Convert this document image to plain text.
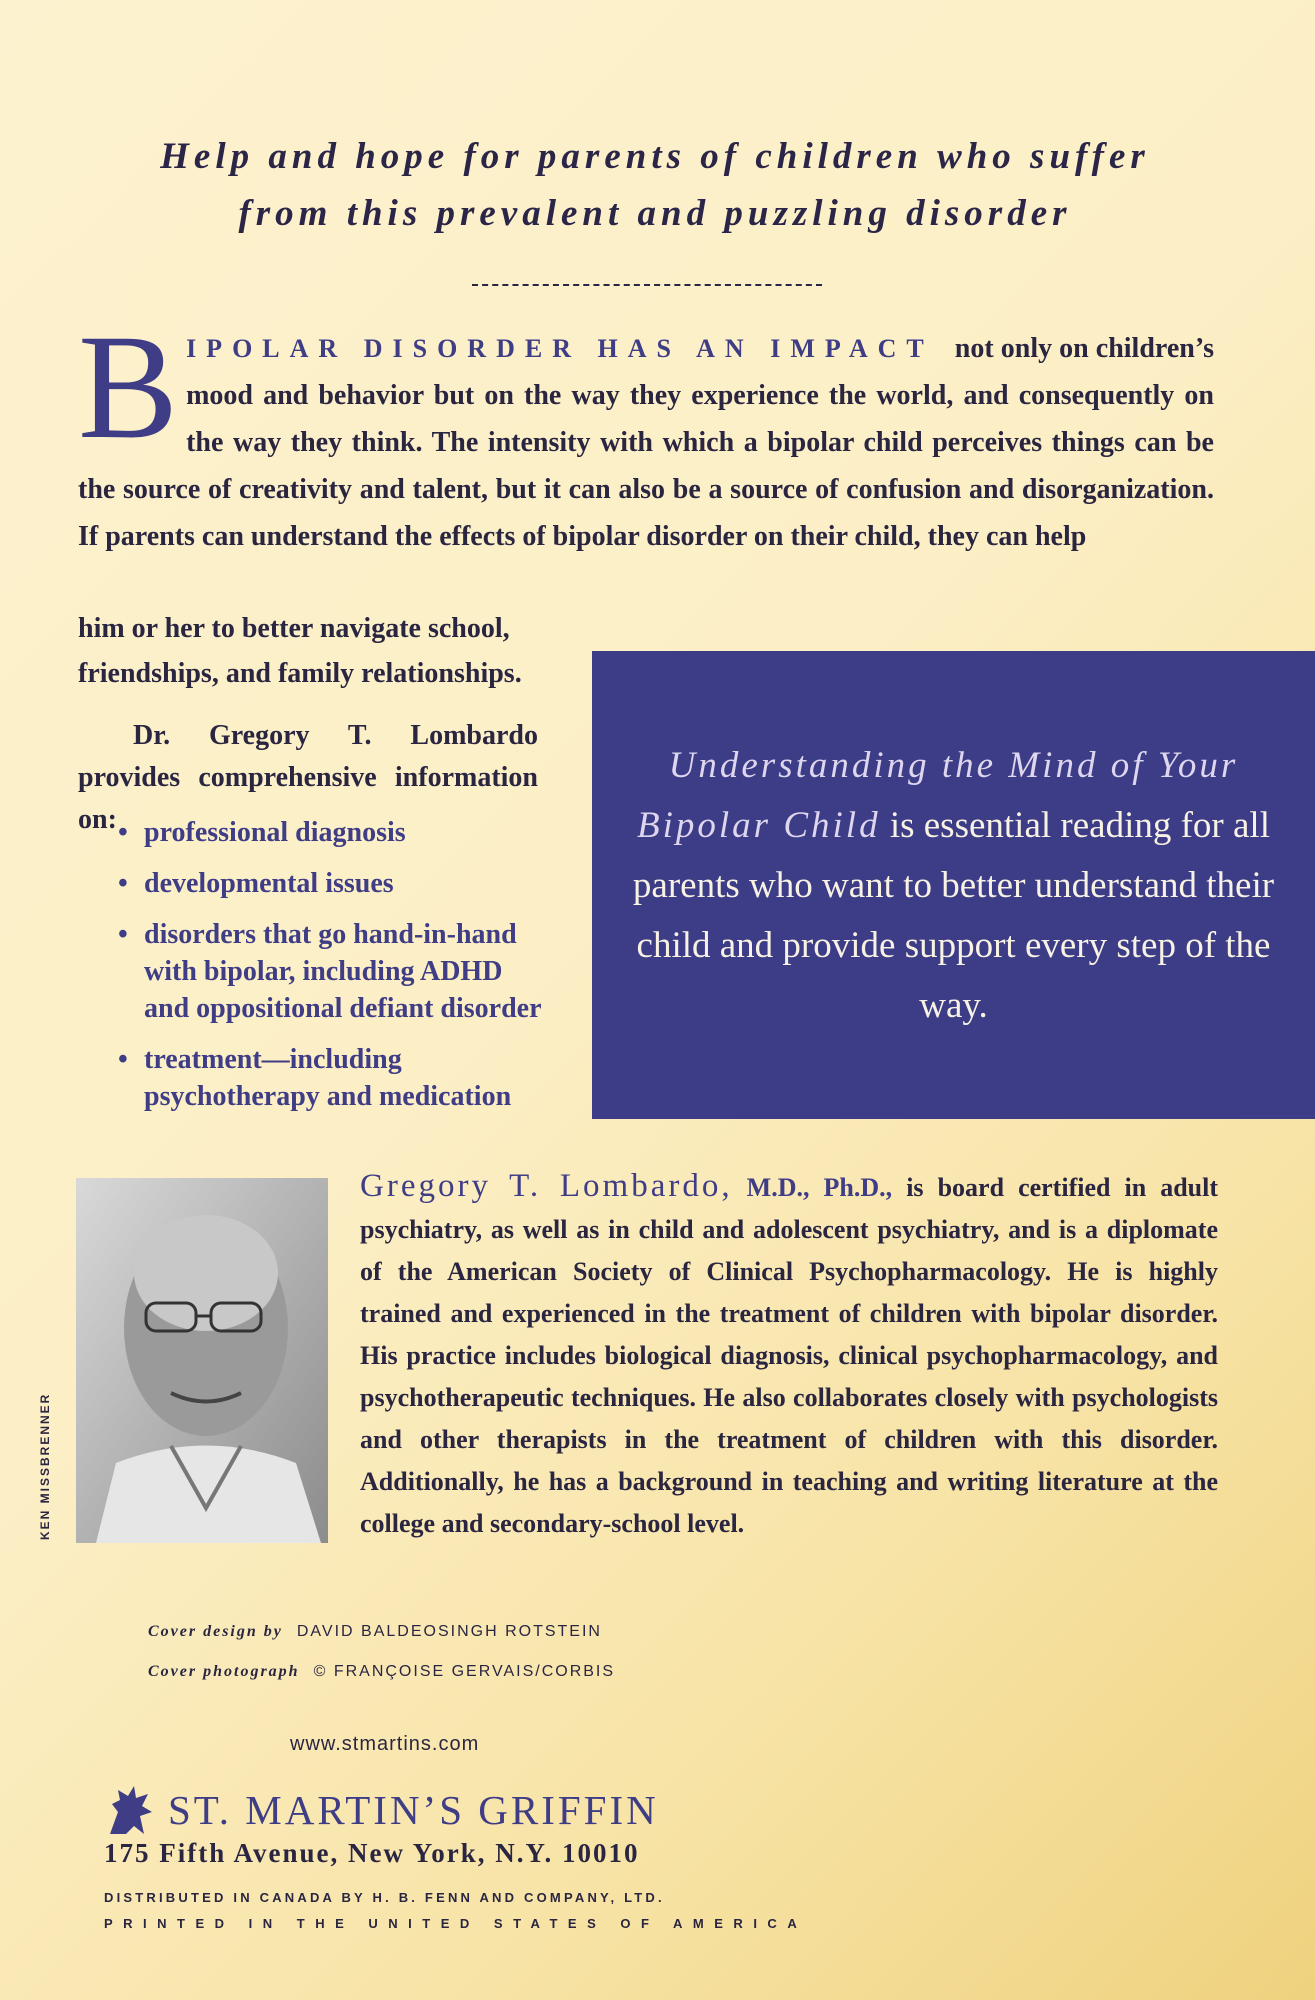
Help and hope for parents of children who suffer
from this prevalent and puzzling disorder
B IPOLAR DISORDER HAS AN IMPACT not only on children’s mood and behavior but on the way they experience the world, and consequently on the way they think. The intensity with which a bipolar child perceives things can be the source of creativity and talent, but it can also be a source of confusion and disorganization. If parents can understand the effects of bipolar disorder on their child, they can help
him or her to better navigate school, friendships, and family relationships.
Dr. Gregory T. Lombardo provides comprehensive information on:
• professional diagnosis
• developmental issues
• disorders that go hand-in-hand with bipolar, including ADHD and oppositional defiant disorder
• treatment—including psychotherapy and medication
Understanding the Mind of Your Bipolar Child is essential reading for all parents who want to better understand their child and provide support every step of the way.
KEN MISSBRENNER
Gregory T. Lombardo, M.D., Ph.D., is board certified in adult psychiatry, as well as in child and adolescent psychiatry, and is a diplomate of the American Society of Clinical Psychopharmacology. He is highly trained and experienced in the treatment of children with bipolar disorder. His practice includes biological diagnosis, clinical psychopharmacology, and psychotherapeutic techniques. He also collaborates closely with psychologists and other therapists in the treatment of children with this disorder. Additionally, he has a background in teaching and writing literature at the college and secondary-school level.
Cover design by DAVID BALDEOSINGH ROTSTEIN
Cover photograph © FRANÇOISE GERVAIS/CORBIS
www.stmartins.com
ST. MARTIN’S GRIFFIN
175 Fifth Avenue, New York, N.Y. 10010
DISTRIBUTED IN CANADA BY H. B. FENN AND COMPANY, LTD.
PRINTED IN THE UNITED STATES OF AMERICA
